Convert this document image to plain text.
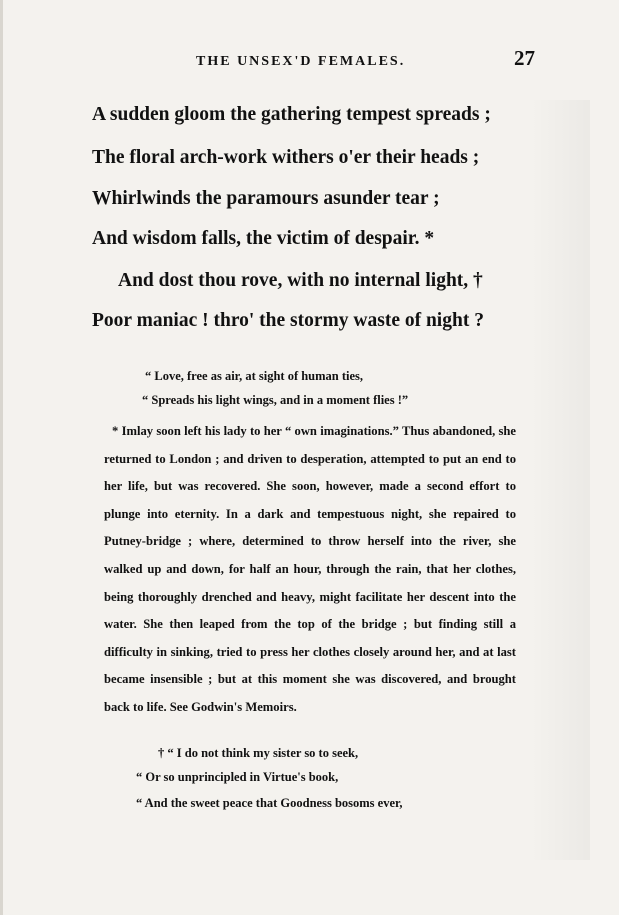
THE UNSEX'D FEMALES.	27
A sudden gloom the gathering tempest spreads ;
The floral arch-work withers o'er their heads ;
Whirlwinds the paramours asunder tear ;
And wisdom falls, the victim of despair. *
And dost thou rove, with no internal light, †
Poor maniac ! thro' the stormy waste of night ?
“ Love, free as air, at sight of human ties,
“ Spreads his light wings, and in a moment flies !”

* Imlay soon left his lady to her “ own imaginations.” Thus abandoned, she returned to London ; and driven to desperation, attempted to put an end to her life, but was recovered. She soon, however, made a second effort to plunge into eternity. In a dark and tempestuous night, she repaired to Putney-bridge ; where, determined to throw herself into the river, she walked up and down, for half an hour, through the rain, that her clothes, being thoroughly drenched and heavy, might facilitate her descent into the water. She then leaped from the top of the bridge ; but finding still a difficulty in sinking, tried to press her clothes closely around her, and at last became insensible ; but at this moment she was discovered, and brought back to life. See Godwin's Memoirs.

† “ I do not think my sister so to seek,
“ Or so unprincipled in Virtue's book,
“ And the sweet peace that Goodness bosoms ever,
